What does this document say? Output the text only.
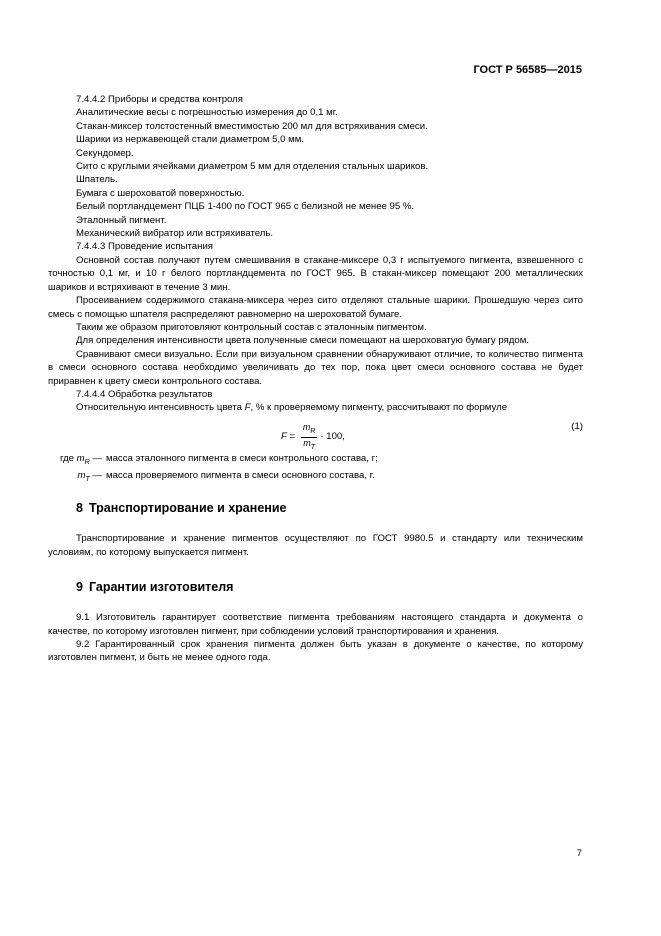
ГОСТ Р 56585—2015

7.4.4.2 Приборы и средства контроля

Аналитические весы с погрешностью измерения до 0,1 мг.

Стакан-миксер толстостенный вместимостью 200 мл для встряхивания смеси.

Шарики из нержавеющей стали диаметром 5,0 мм.

Секундомер.

Сито с круглыми ячейками диаметром 5 мм для отделения стальных шариков.

Шпатель.

Бумага с шероховатой поверхностью.

Белый портландцемент ПЦБ 1-400 по ГОСТ 965 с белизной не менее 95 %.

Эталонный пигмент.

Механический вибратор или встряхиватель.

7.4.4.3 Проведение испытания

Основной состав получают путем смешивания в стакане-миксере 0,3 г испытуемого пигмента, взвешенного с точностью 0,1 мг, и 10 г белого портландцемента по ГОСТ 965. В стакан-миксер помещают 200 металлических шариков и встряхивают в течение 3 мин.

Просеиванием содержимого стакана-миксера через сито отделяют стальные шарики. Прошедшую через сито смесь с помощью шпателя распределяют равномерно на шероховатой бумаге.

Таким же образом приготовляют контрольный состав с эталонным пигментом.

Для определения интенсивности цвета полученные смеси помещают на шероховатую бумагу рядом.

Сравнивают смеси визуально. Если при визуальном сравнении обнаруживают отличие, то количество пигмента в смеси основного состава необходимо увеличивать до тех пор, пока цвет смеси основного состава не будет приравнен к цвету смеси контрольного состава.

7.4.4.4 Обработка результатов

Относительную интенсивность цвета F, % к проверяемому пигменту, рассчитывают по формуле

$F = \frac{m_R}{m_T} \cdot 100$,
(1)
где $m_R$ — масса эталонного пигмента в смеси контрольного состава, г;
$m_T$ — масса проверяемого пигмента в смеси основного состава, г.
8 Транспортирование и хранение

Транспортирование и хранение пигментов осуществляют по ГОСТ 9980.5 и стандарту или техническим условиям, по которому выпускается пигмент.

9 Гарантии изготовителя

9.1 Изготовитель гарантирует соответствие пигмента требованиям настоящего стандарта и документа о качестве, по которому изготовлен пигмент, при соблюдении условий транспортирования и хранения.

9.2 Гарантированный срок хранения пигмента должен быть указан в документе о качестве, по которому изготовлен пигмент, и быть не менее одного года.

7
